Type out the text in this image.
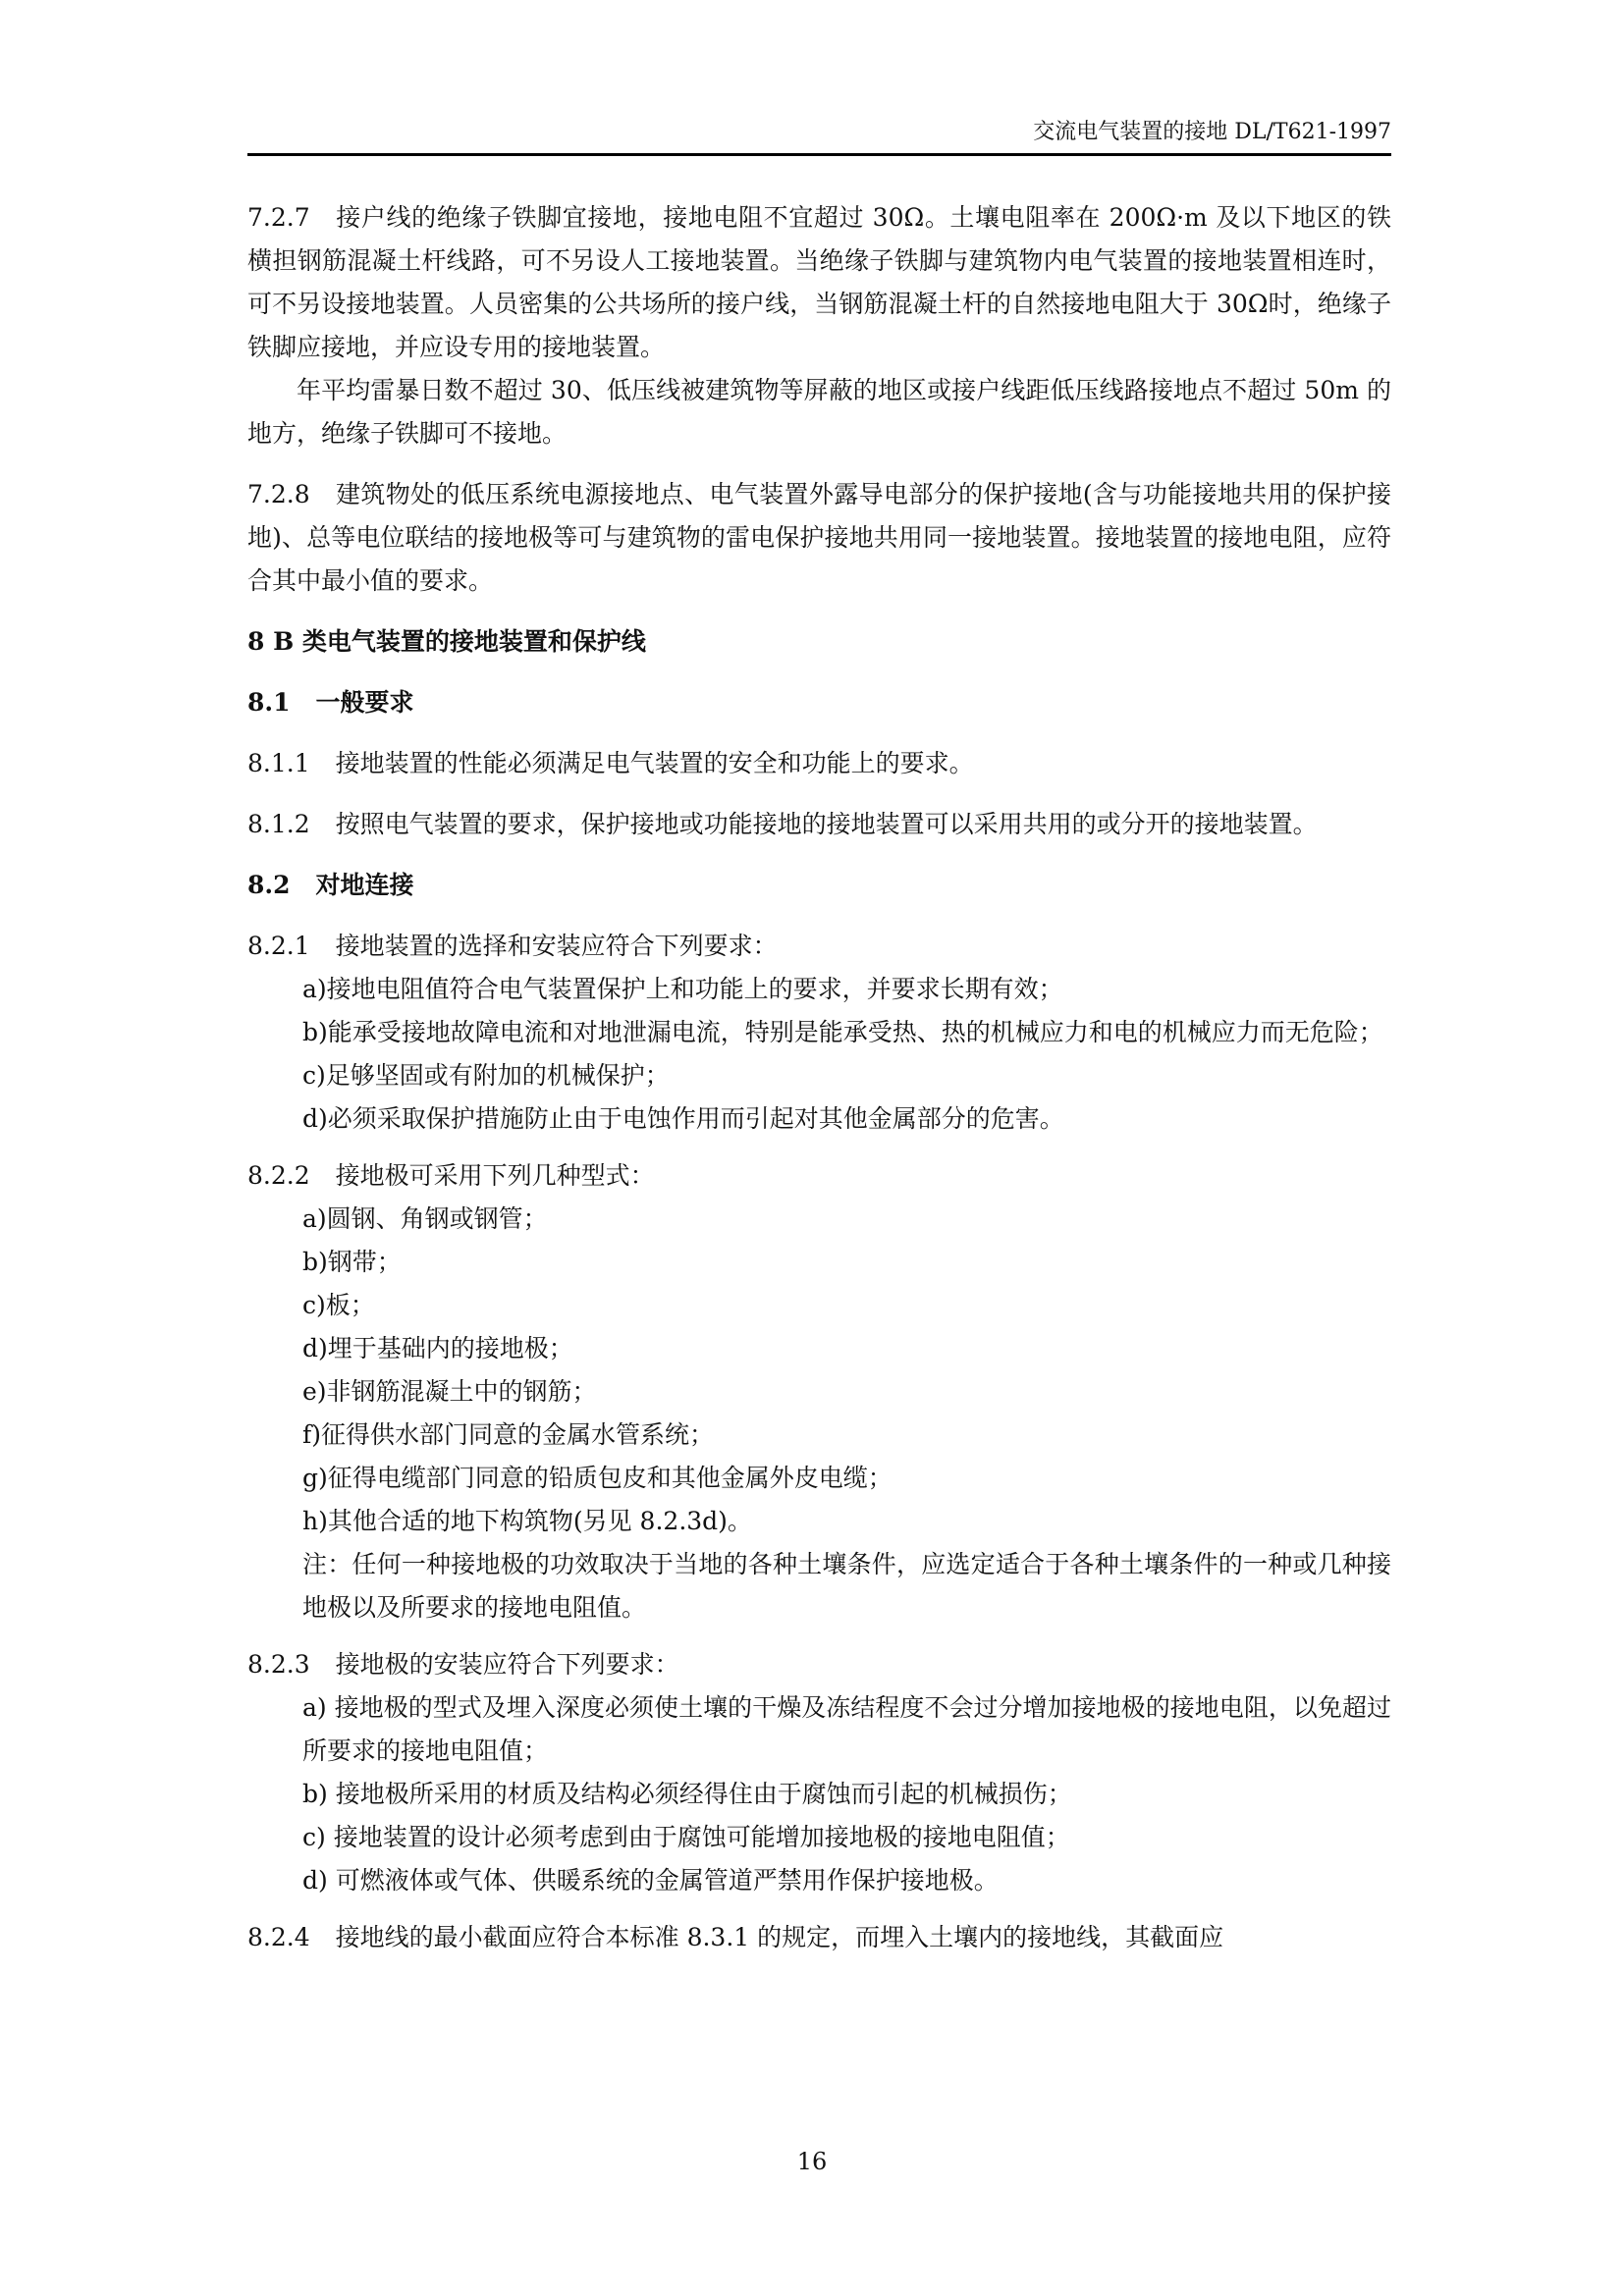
交流电气装置的接地 DL/T621-1997

7.2.7 接户线的绝缘子铁脚宜接地，接地电阻不宜超过 30Ω。土壤电阻率在 200Ω·m 及以下地区的铁横担钢筋混凝土杆线路，可不另设人工接地装置。当绝缘子铁脚与建筑物内电气装置的接地装置相连时，可不另设接地装置。人员密集的公共场所的接户线，当钢筋混凝土杆的自然接地电阻大于 30Ω时，绝缘子铁脚应接地，并应设专用的接地装置。

年平均雷暴日数不超过 30、低压线被建筑物等屏蔽的地区或接户线距低压线路接地点不超过 50m 的地方，绝缘子铁脚可不接地。

7.2.8 建筑物处的低压系统电源接地点、电气装置外露导电部分的保护接地(含与功能接地共用的保护接地)、总等电位联结的接地极等可与建筑物的雷电保护接地共用同一接地装置。接地装置的接地电阻，应符合其中最小值的要求。

8 B 类电气装置的接地装置和保护线

8.1 一般要求

8.1.1 接地装置的性能必须满足电气装置的安全和功能上的要求。

8.1.2 按照电气装置的要求，保护接地或功能接地的接地装置可以采用共用的或分开的接地装置。

8.2 对地连接

8.2.1 接地装置的选择和安装应符合下列要求：

a)接地电阻值符合电气装置保护上和功能上的要求，并要求长期有效；

b)能承受接地故障电流和对地泄漏电流，特别是能承受热、热的机械应力和电的机械应力而无危险；

c)足够坚固或有附加的机械保护；

d)必须采取保护措施防止由于电蚀作用而引起对其他金属部分的危害。

8.2.2 接地极可采用下列几种型式：

a)圆钢、角钢或钢管；

b)钢带；

c)板；

d)埋于基础内的接地极；

e)非钢筋混凝土中的钢筋；

f)征得供水部门同意的金属水管系统；

g)征得电缆部门同意的铅质包皮和其他金属外皮电缆；

h)其他合适的地下构筑物(另见 8.2.3d)。

注：任何一种接地极的功效取决于当地的各种土壤条件，应选定适合于各种土壤条件的一种或几种接地极以及所要求的接地电阻值。

8.2.3 接地极的安装应符合下列要求：

a) 接地极的型式及埋入深度必须使土壤的干燥及冻结程度不会过分增加接地极的接地电阻，以免超过所要求的接地电阻值；

b) 接地极所采用的材质及结构必须经得住由于腐蚀而引起的机械损伤；

c) 接地装置的设计必须考虑到由于腐蚀可能增加接地极的接地电阻值；

d) 可燃液体或气体、供暖系统的金属管道严禁用作保护接地极。

8.2.4 接地线的最小截面应符合本标准 8.3.1 的规定，而埋入土壤内的接地线，其截面应

16
